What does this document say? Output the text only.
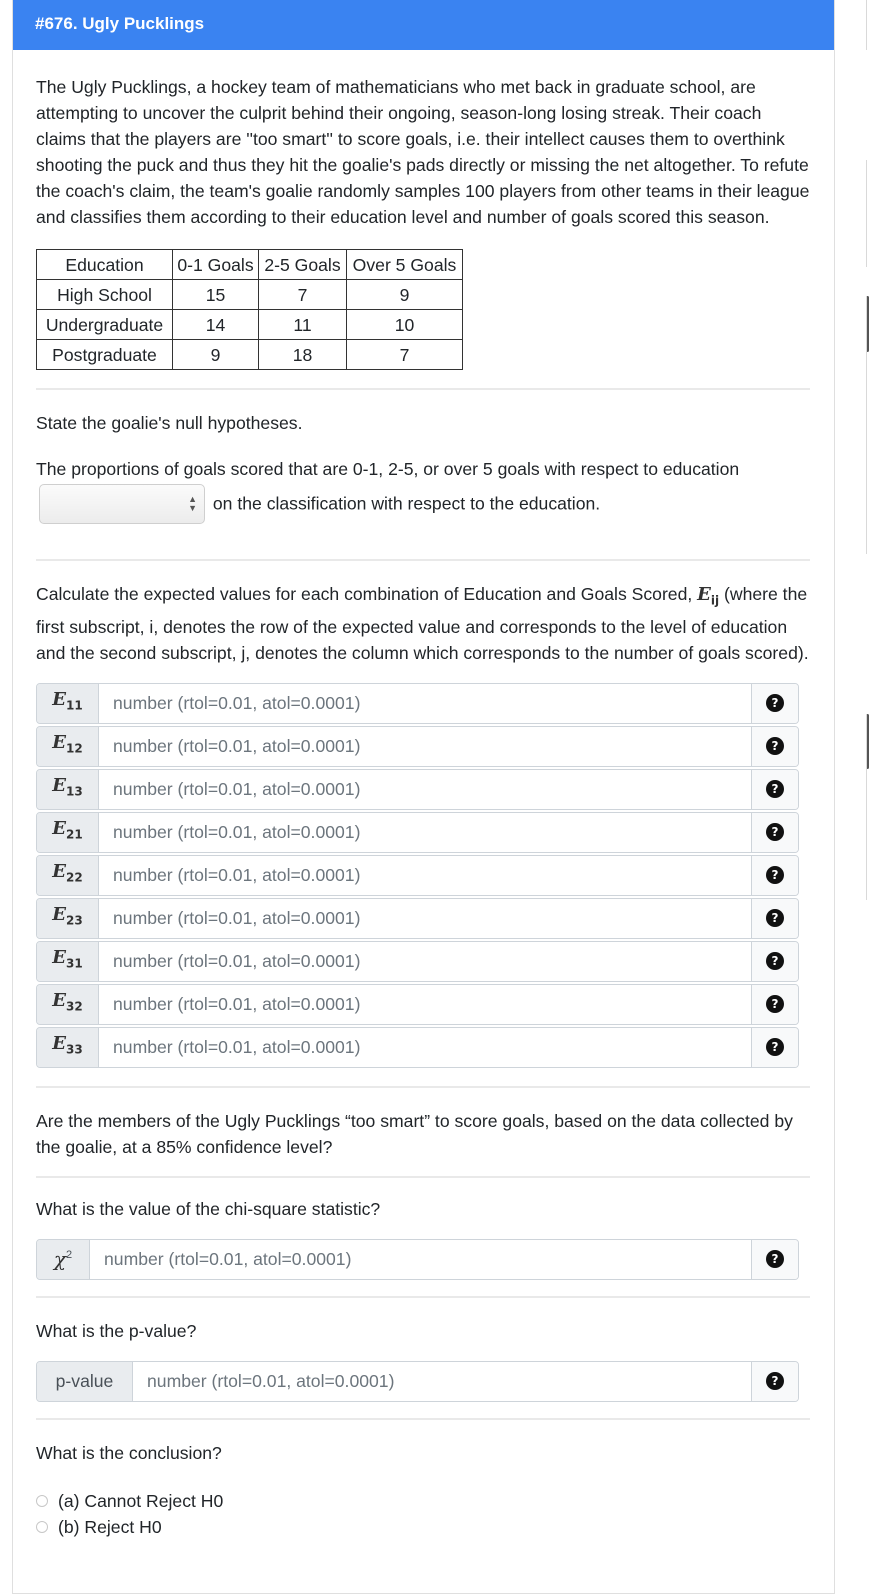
#676. Ugly Pucklings

The Ugly Pucklings, a hockey team of mathematicians who met back in graduate school, are attempting to uncover the culprit behind their ongoing, season-long losing streak. Their coach claims that the players are ''too smart'' to score goals, i.e. their intellect causes them to overthink shooting the puck and thus they hit the goalie's pads directly or missing the net altogether. To refute the coach's claim, the team's goalie randomly samples 100 players from other teams in their league and classifies them according to their education level and number of goals scored this season.

Education	0-1 Goals	2-5 Goals	Over 5 Goals
High School	15	7	9
Undergraduate	14	11	10
Postgraduate	9	18	7

State the goalie's null hypotheses.

The proportions of goals scored that are 0-1, 2-5, or over 5 goals with respect to education
▲
▼ on the classification with respect to the education.

Calculate the expected values for each combination of Education and Goals Scored, $E_{ij}$ (where the first subscript, i, denotes the row of the expected value and corresponds to the level of education and the second subscript, j, denotes the column which corresponds to the number of goals scored).

$E_{11}$
number (rtol=0.01, atol=0.0001)	?
$E_{12}$
number (rtol=0.01, atol=0.0001)	?
$E_{13}$
number (rtol=0.01, atol=0.0001)	?
$E_{21}$
number (rtol=0.01, atol=0.0001)	?
$E_{22}$
number (rtol=0.01, atol=0.0001)	?
$E_{23}$
number (rtol=0.01, atol=0.0001)	?
$E_{31}$
number (rtol=0.01, atol=0.0001)	?
$E_{32}$
number (rtol=0.01, atol=0.0001)	?
$E_{33}$
number (rtol=0.01, atol=0.0001)	?

Are the members of the Ugly Pucklings “too smart” to score goals, based on the data collected by the goalie, at a 85% confidence level?

What is the value of the chi-square statistic?

$\chi^2$
number (rtol=0.01, atol=0.0001)	?

What is the p-value?

p-value
number (rtol=0.01, atol=0.0001)	?

What is the conclusion?

(a) Cannot Reject H0
(b) Reject H0
